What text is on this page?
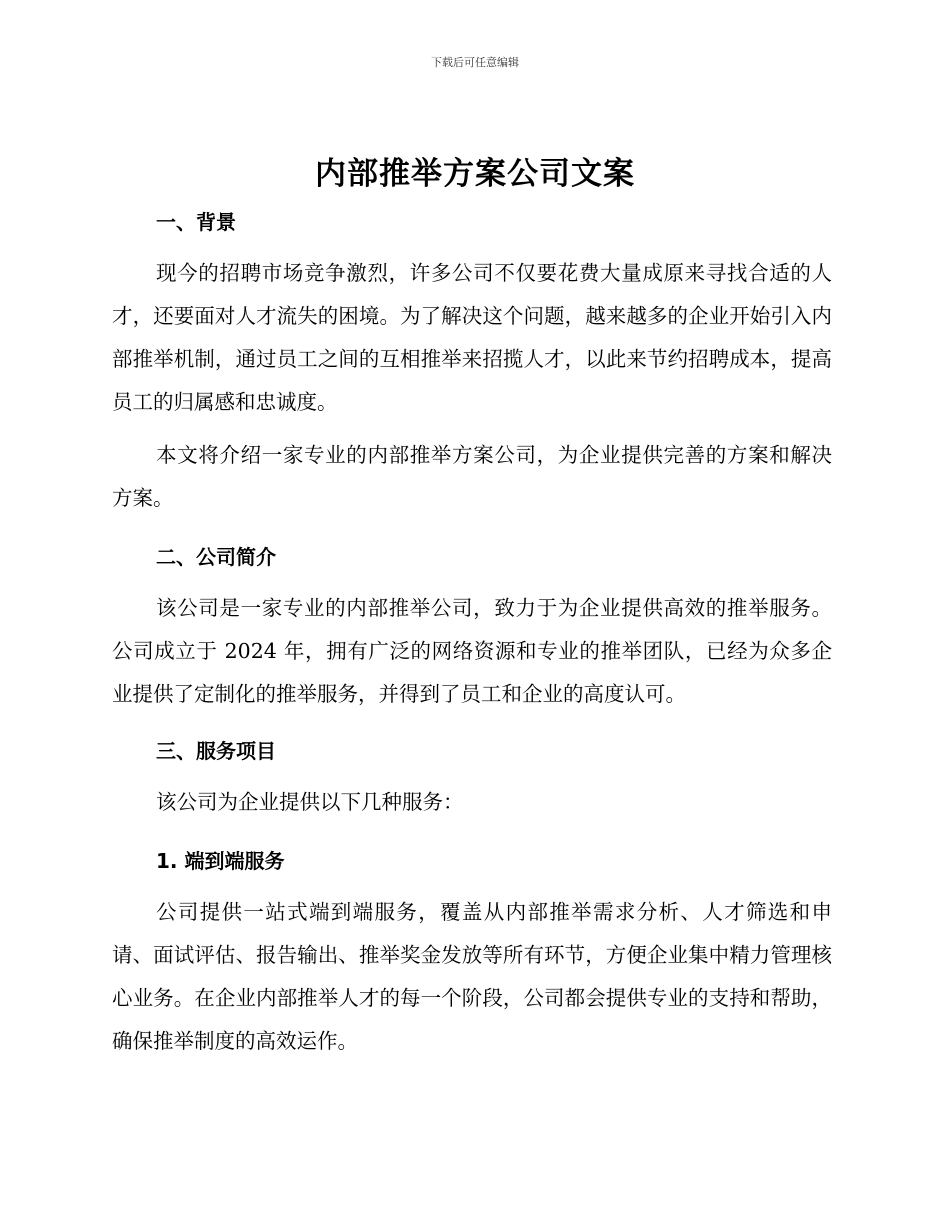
下载后可任意编辑
内部推举方案公司文案
一、背景
现今的招聘市场竞争激烈，许多公司不仅要花费大量成原来寻找合适的人才，还要面对人才流失的困境。为了解决这个问题，越来越多的企业开始引入内部推举机制，通过员工之间的互相推举来招揽人才，以此来节约招聘成本，提高员工的归属感和忠诚度。
本文将介绍一家专业的内部推举方案公司，为企业提供完善的方案和解决方案。
二、公司简介
该公司是一家专业的内部推举公司，致力于为企业提供高效的推举服务。公司成立于 2024 年，拥有广泛的网络资源和专业的推举团队，已经为众多企业提供了定制化的推举服务，并得到了员工和企业的高度认可。
三、服务项目
该公司为企业提供以下几种服务：
1. 端到端服务
公司提供一站式端到端服务，覆盖从内部推举需求分析、人才筛选和申请、面试评估、报告输出、推举奖金发放等所有环节，方便企业集中精力管理核心业务。在企业内部推举人才的每一个阶段，公司都会提供专业的支持和帮助，确保推举制度的高效运作。
